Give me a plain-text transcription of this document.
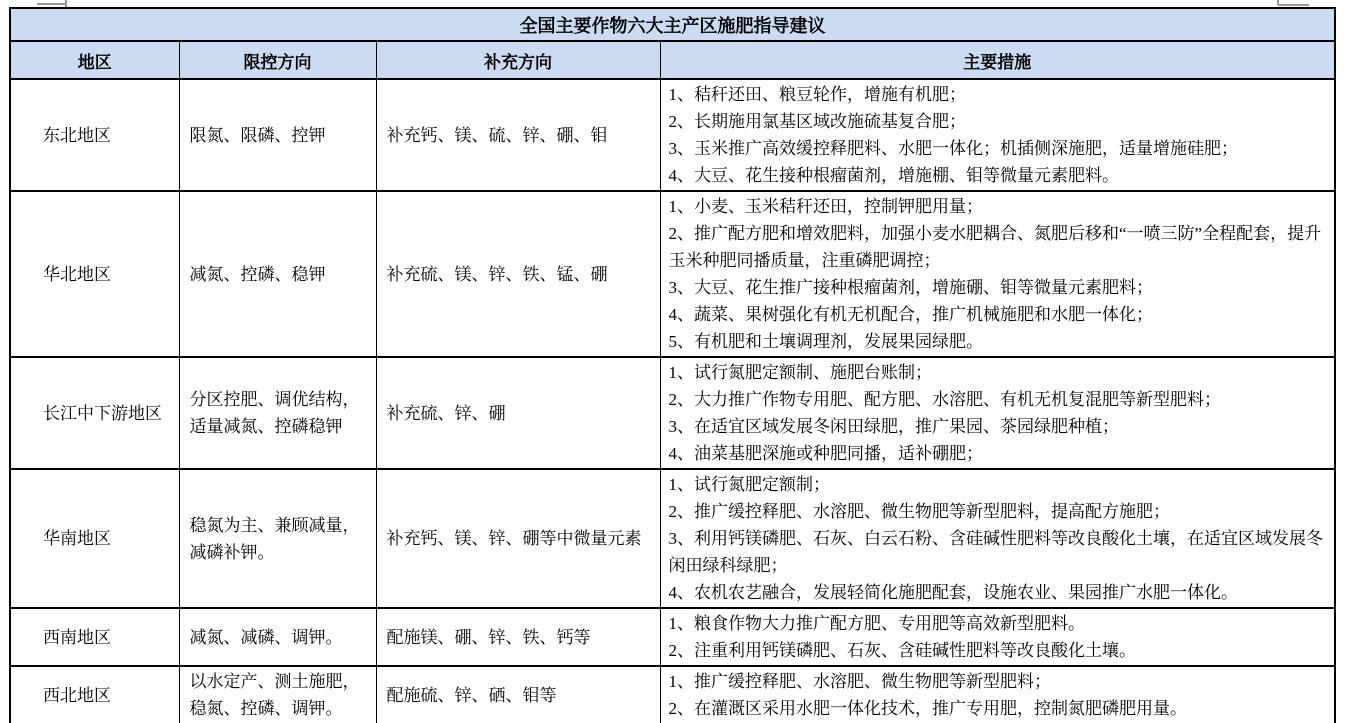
全国主要作物六大主产区施肥指导建议			
地区	限控方向	补充方向	主要措施
东北地区	限氮、限磷、控钾	补充钙、镁、硫、锌、硼、钼	1、秸秆还田、粮豆轮作，增施有机肥；
2、长期施用氯基区域改施硫基复合肥；
3、玉米推广高效缓控释肥料、水肥一体化；机插侧深施肥，适量增施硅肥；
4、大豆、花生接种根瘤菌剂，增施棚、钼等微量元素肥料。

华北地区	减氮、控磷、稳钾	补充硫、镁、锌、铁、锰、硼	1、小麦、玉米秸秆还田，控制钾肥用量；
2、推广配方肥和增效肥料，加强小麦水肥耦合、氮肥后移和“一喷三防”全程配套，提升玉米种肥同播质量，注重磷肥调控；
3、大豆、花生推广接种根瘤菌剂，增施硼、钼等微量元素肥料；
4、蔬菜、果树强化有机无机配合，推广机械施肥和水肥一体化；
5、有机肥和土壤调理剂，发展果园绿肥。

长江中下游地区	分区控肥、调优结构，适量减氮、控磷稳钾	补充硫、锌、硼	1、试行氮肥定额制、施肥台账制；
2、大力推广作物专用肥、配方肥、水溶肥、有机无机复混肥等新型肥料；
3、在适宜区域发展冬闲田绿肥，推广果园、茶园绿肥种植；
4、油菜基肥深施或种肥同播，适补硼肥；

华南地区	稳氮为主、兼顾减量，减磷补钾。	补充钙、镁、锌、硼等中微量元素	1、试行氮肥定额制；
2、推广缓控释肥、水溶肥、微生物肥等新型肥料，提高配方施肥；
3、利用钙镁磷肥、石灰、白云石粉、含硅碱性肥料等改良酸化土壤，在适宜区域发展冬闲田绿科绿肥；
4、农机农艺融合，发展轻简化施肥配套，设施农业、果园推广水肥一体化。

西南地区	减氮、减磷、调钾。	配施镁、硼、锌、铁、钙等	1、粮食作物大力推广配方肥、专用肥等高效新型肥料。
2、注重利用钙镁磷肥、石灰、含硅碱性肥料等改良酸化土壤。

西北地区	以水定产、测土施肥，稳氮、控磷、调钾。	配施硫、锌、硒、钼等	1、推广缓控释肥、水溶肥、微生物肥等新型肥料；
2、在灌溉区采用水肥一体化技术，推广专用肥，控制氮肥磷肥用量。
